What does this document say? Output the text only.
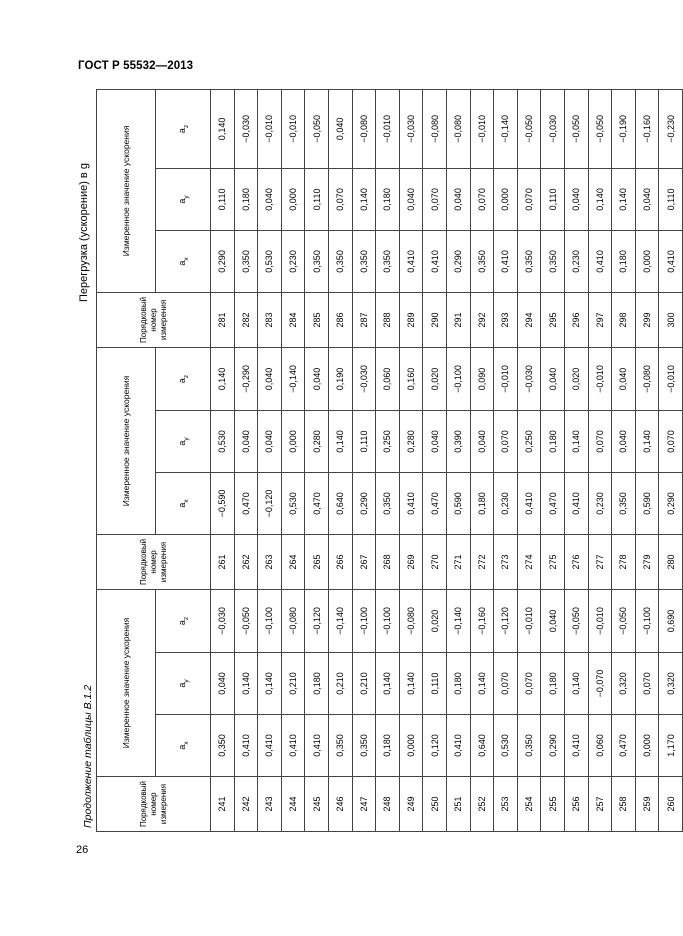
ГОСТ Р 55532—2013
Продолжение таблицы В.1.2
Перегрузка (ускорение) в g
Порядковый номер измерения	Измеренное значение ускорения			Порядковый номер измерения	Измеренное значение ускорения			Порядковый номер измерения	Измеренное значение ускорения		
	$a_x$	$a_y$	$a_z$		$a_x$	$a_y$	$a_z$		$a_x$	$a_y$	$a_z$
241	0,350	0,040	−0,030	261	−0,590	0,530	0,140	281	0,290	0,110	0,140
242	0,410	0,140	−0,050	262	0,470	0,040	−0,290	282	0,350	0,180	−0,030
243	0,410	0,140	−0,100	263	−0,120	0,040	0,040	283	0,530	0,040	−0,010
244	0,410	0,210	−0,080	264	0,530	0,000	−0,140	284	0,230	0,000	−0,010
245	0,410	0,180	−0,120	265	0,470	0,280	0,040	285	0,350	0,110	−0,050
246	0,350	0,210	−0,140	266	0,640	0,140	0,190	286	0,350	0,070	0,040
247	0,350	0,210	−0,100	267	0,290	0,110	−0,030	287	0,350	0,140	−0,080
248	0,180	0,140	−0,100	268	0,350	0,250	0,060	288	0,350	0,180	−0,010
249	0,000	0,140	−0,080	269	0,410	0,280	0,160	289	0,410	0,040	−0,030
250	0,120	0,110	0,020	270	0,470	0,040	0,020	290	0,410	0,070	−0,080
251	0,410	0,180	−0,140	271	0,590	0,390	−0,100	291	0,290	0,040	−0,080
252	0,640	0,140	−0,160	272	0,180	0,040	0,090	292	0,350	0,070	−0,010
253	0,530	0,070	−0,120	273	0,230	0,070	−0,010	293	0,410	0,000	−0,140
254	0,350	0,070	−0,010	274	0,410	0,250	−0,030	294	0,350	0,070	−0,050
255	0,290	0,180	0,040	275	0,470	0,180	0,040	295	0,350	0,110	−0,030
256	0,410	0,140	−0,050	276	0,410	0,140	0,020	296	0,230	0,040	−0,050
257	0,060	−0,070	−0,010	277	0,230	0,070	−0,010	297	0,410	0,140	−0,050
258	0,470	0,320	−0,050	278	0,350	0,040	0,040	298	0,180	0,140	−0,190
259	0,000	0,070	−0,100	279	0,590	0,140	−0,080	299	0,000	0,040	−0,160
260	1,170	0,320	0,690	280	0,290	0,070	−0,010	300	0,410	0,110	−0,230
26
